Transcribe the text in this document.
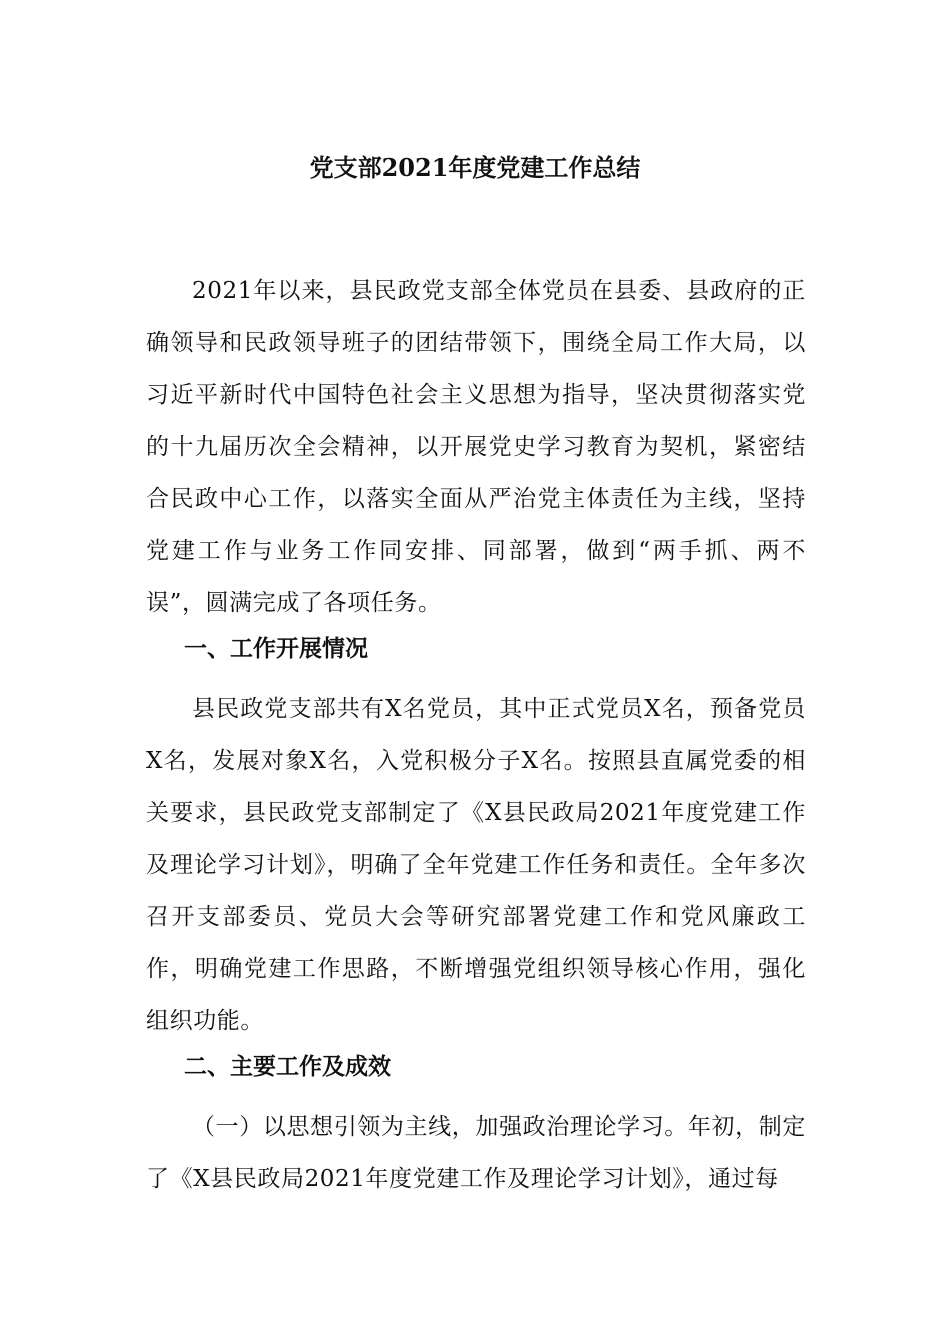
党支部2021年度党建工作总结

2021年以来，县民政党支部全体党员在县委、县政府的正确领导和民政领导班子的团结带领下，围绕全局工作大局，以习近平新时代中国特色社会主义思想为指导，坚决贯彻落实党的十九届历次全会精神，以开展党史学习教育为契机，紧密结合民政中心工作，以落实全面从严治党主体责任为主线，坚持党建工作与业务工作同安排、同部署，做到“两手抓、两不误”，圆满完成了各项任务。

一、工作开展情况

县民政党支部共有X名党员，其中正式党员X名，预备党员X名，发展对象X名，入党积极分子X名。按照县直属党委的相关要求，县民政党支部制定了《X县民政局2021年度党建工作及理论学习计划》，明确了全年党建工作任务和责任。全年多次召开支部委员、党员大会等研究部署党建工作和党风廉政工作，明确党建工作思路，不断增强党组织领导核心作用，强化组织功能。

二、主要工作及成效

（一）以思想引领为主线，加强政治理论学习。年初，制定了《X县民政局2021年度党建工作及理论学习计划》，通过每
